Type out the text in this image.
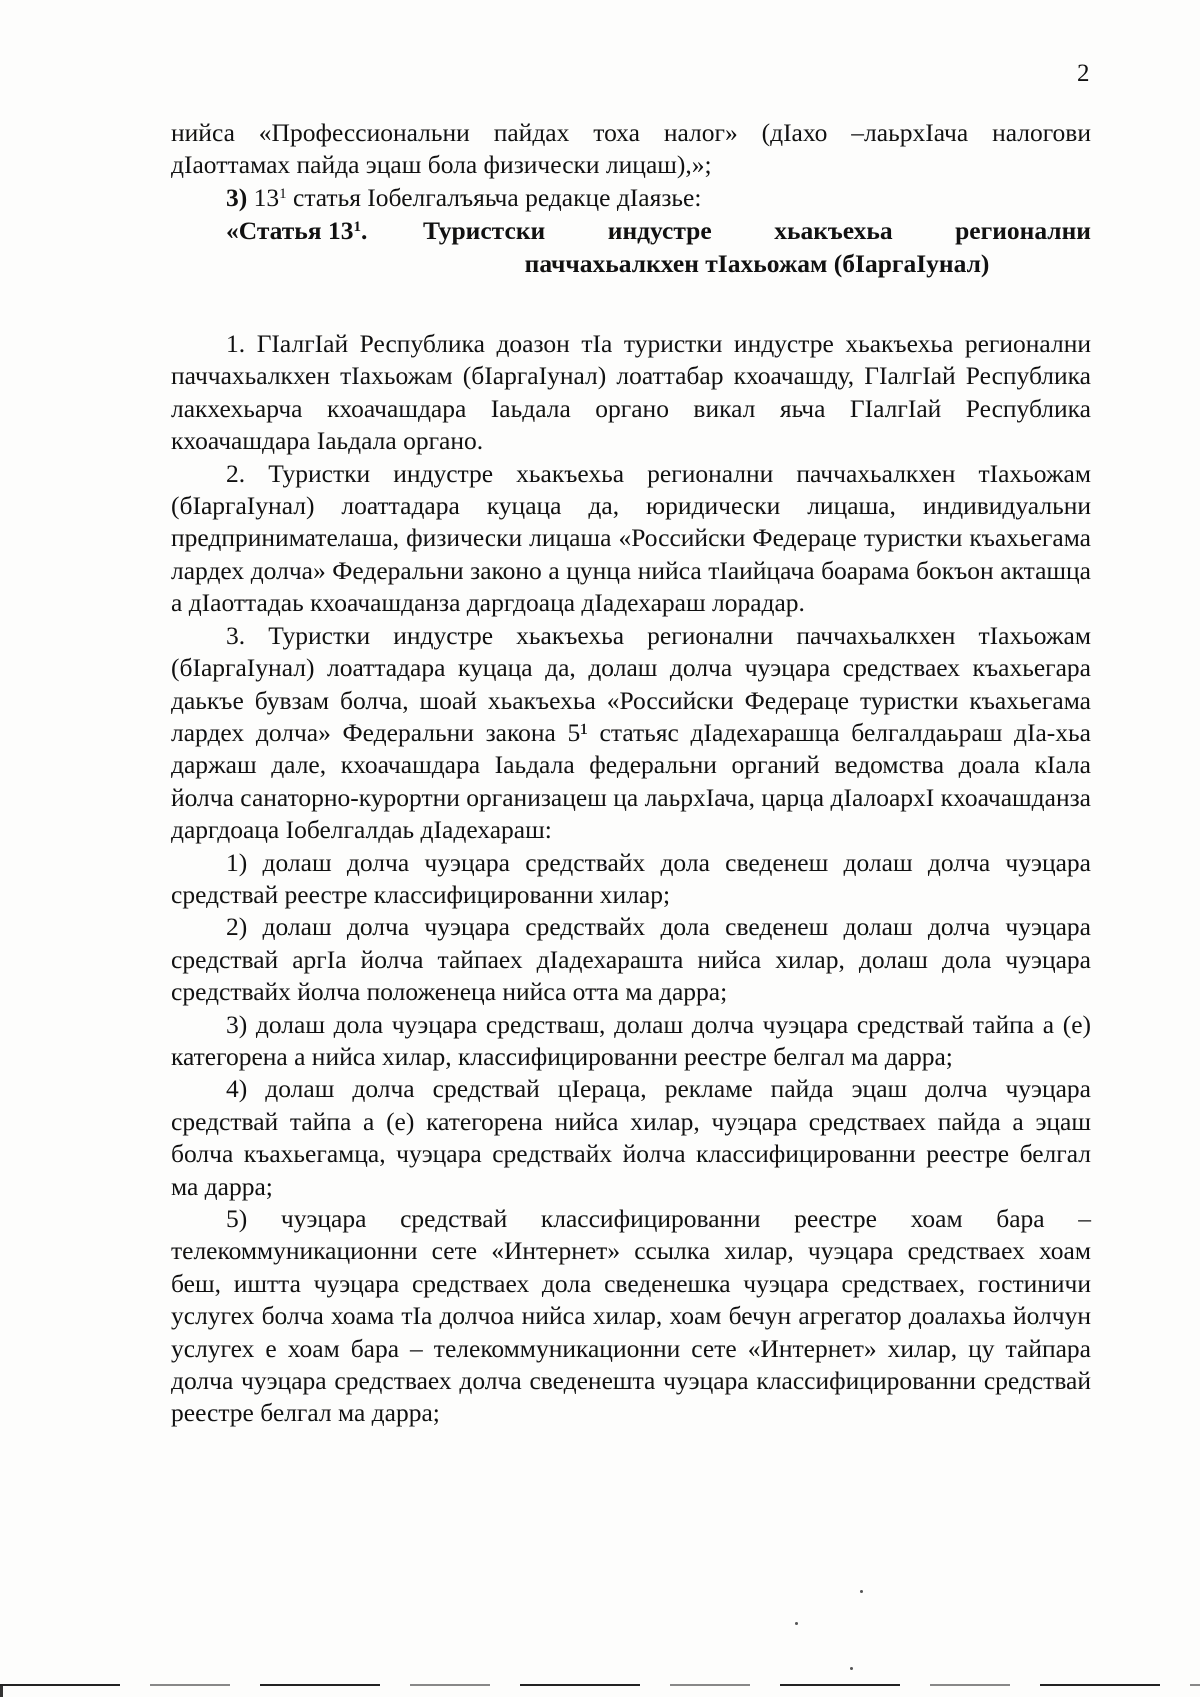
2

нийса «Профессиональни пайдах тоха налог» (дIахо –лаьрхIача налогови дIаоттамах пайда эцаш бола физически лицаш),»;

3) $13^1$ статья Iобелгалъяьча редакце дIаязье:

«Статья $13^1$.	Туристски индустре хьакъехьа регионални паччахьалкхен тIахьожам (бIаргаIунал)

1. ГIалгIай Республика доазон тIа туристки индустре хьакъехьа регионални паччахьалкхен тIахьожам (бIаргаIунал) лоаттабар кхоачашду, ГIалгIай Республика лакхехьарча кхоачашдара Iаьдала органо викал яьча ГIалгIай Республика кхоачашдара Iаьдала органо.

2. Туристки индустре хьакъехьа регионални паччахьалкхен тIахьожам (бIаргаIунал) лоаттадара куцаца да, юридически лицаша, индивидуальни предпринимателаша, физически лицаша «Российски Федераце туристки къахьегама лардех долча» Федеральни законо а цунца нийса тIаийцача боарама бокъон акташца а дIаоттадаь кхоачашданза даргдоаца дIадехараш лорадар.

3. Туристки индустре хьакъехьа регионални паччахьалкхен тIахьожам (бIаргаIунал) лоаттадара куцаца да, долаш долча чуэцара средстваех къахьегара даькъе бувзам болча, шоай хьакъехьа «Российски Федераце туристки къахьегама лардех долча» Федеральни закона 5¹ статьяс дIадехарашца белгалдаьраш дIа-хьа даржаш дале, кхоачашдара Iаьдала федеральни органий ведомства доала кIала йолча санаторно-курортни организацеш ца лаьрхIача, царца дIалоархI кхоачашданза даргдоаца Iобелгалдаь дIадехараш:

1) долаш долча чуэцара средствайх дола сведенеш долаш долча чуэцара средствай реестре классифицированни хилар;

2) долаш долча чуэцара средствайх дола сведенеш долаш долча чуэцара средствай аргIа йолча тайпаех дIадехараштa нийса хилар, долаш дола чуэцара средствайх йолча положенеца нийса отта ма дарра;

3) долаш дола чуэцара средстваш, долаш долча чуэцара средствай тайпа а (е) категорена а нийса хилар, классифицированни реестре белгал ма дарра;

4) долаш долча средствай цIераца, рекламе пайда эцаш долча чуэцара средствай тайпа а (е) категорена нийса хилар, чуэцара средстваех пайда а эцаш болча къахьегамца, чуэцара средствайх йолча классифицированни реестре белгал ма дарра;

5) чуэцара средствай классифицированни реестре хоам бара – телекоммуникационни сете «Интернет» ссылка хилар, чуэцара средстваех хоам беш, иштта чуэцара средстваех дола сведенешка чуэцара средстваех, гостиничи услугех болча хоама тIа долчоа нийса хилар, хоам бечун агрегатор доалахьа йолчун услугех е хоам бара – телекоммуникационни сете «Интернет» хилар, цу тайпара долча чуэцара средстваех долча сведенешта чуэцара классифицированни средствай реестре белгал ма дарра;
